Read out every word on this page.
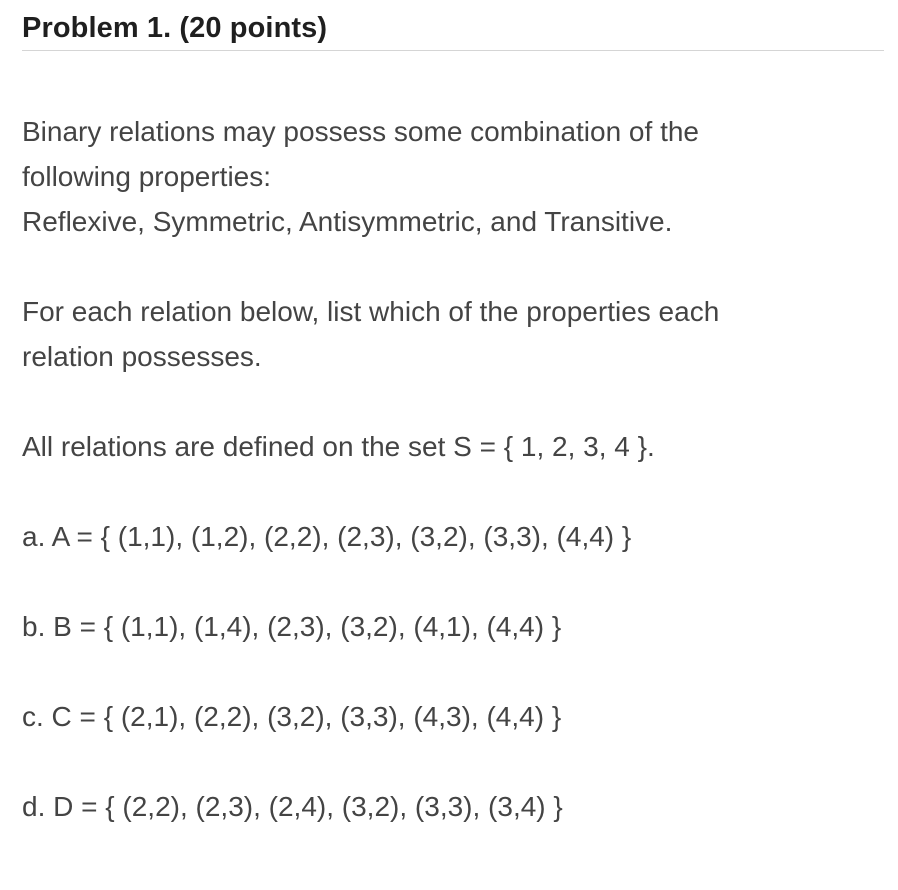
Problem 1. (20 points)
Binary relations may possess some combination of the
following properties:
Reflexive, Symmetric, Antisymmetric, and Transitive.
For each relation below, list which of the properties each
relation possesses.
All relations are defined on the set S = { 1, 2, 3, 4 }.
a. A = { (1,1), (1,2), (2,2), (2,3), (3,2), (3,3), (4,4) }
b. B = { (1,1), (1,4), (2,3), (3,2), (4,1), (4,4) }
c. C = { (2,1), (2,2), (3,2), (3,3), (4,3), (4,4) }
d. D = { (2,2), (2,3), (2,4), (3,2), (3,3), (3,4) }
